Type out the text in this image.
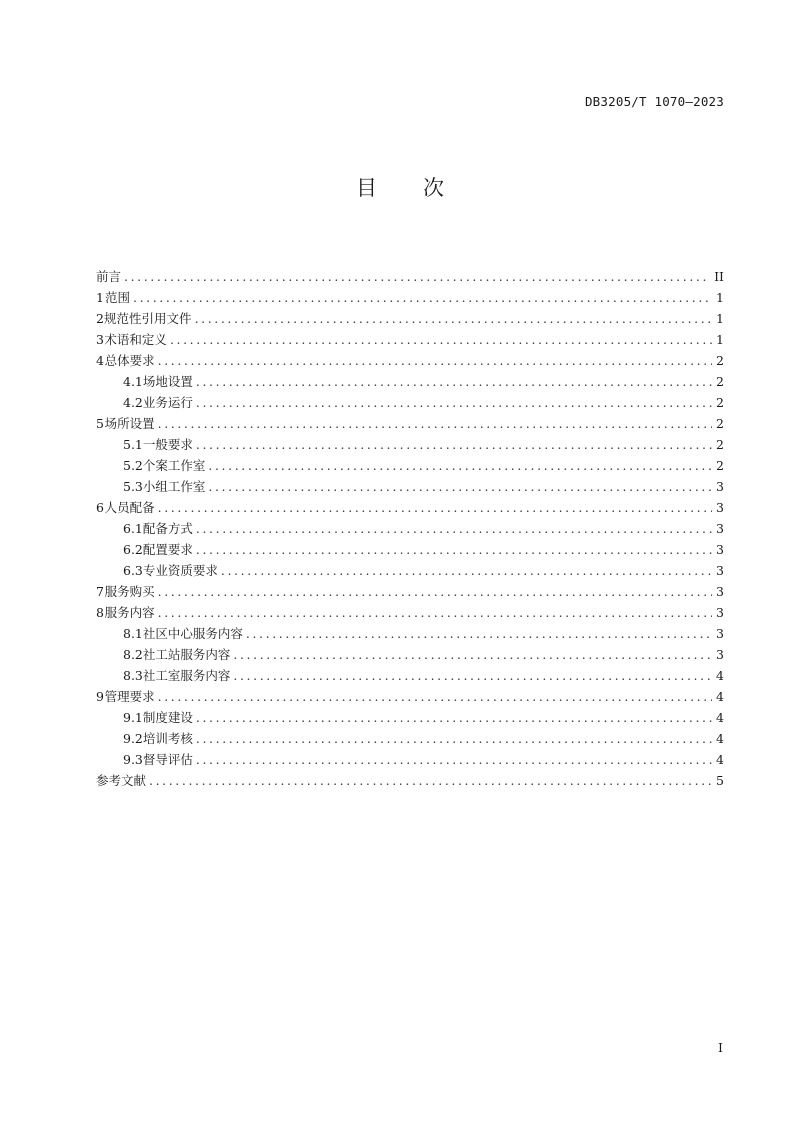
DB3205/T 1070—2023
目 次
前言 .....	II
1 范围 .....	1
2 规范性引用文件 .....	1
3 术语和定义 .....	1
4 总体要求 .....	2
4.1 场地设置 .....	2
4.2 业务运行 .....	2
5 场所设置 .....	2
5.1 一般要求 .....	2
5.2 个案工作室 .....	2
5.3 小组工作室 .....	3
6 人员配备 .....	3
6.1 配备方式 .....	3
6.2 配置要求 .....	3
6.3 专业资质要求 .....	3
7 服务购买 .....	3
8 服务内容 .....	3
8.1 社区中心服务内容 .....	3
8.2 社工站服务内容 .....	3
8.3 社工室服务内容 .....	4
9 管理要求 .....	4
9.1 制度建设 .....	4
9.2 培训考核 .....	4
9.3 督导评估 .....	4
参考文献 .....	5
I
